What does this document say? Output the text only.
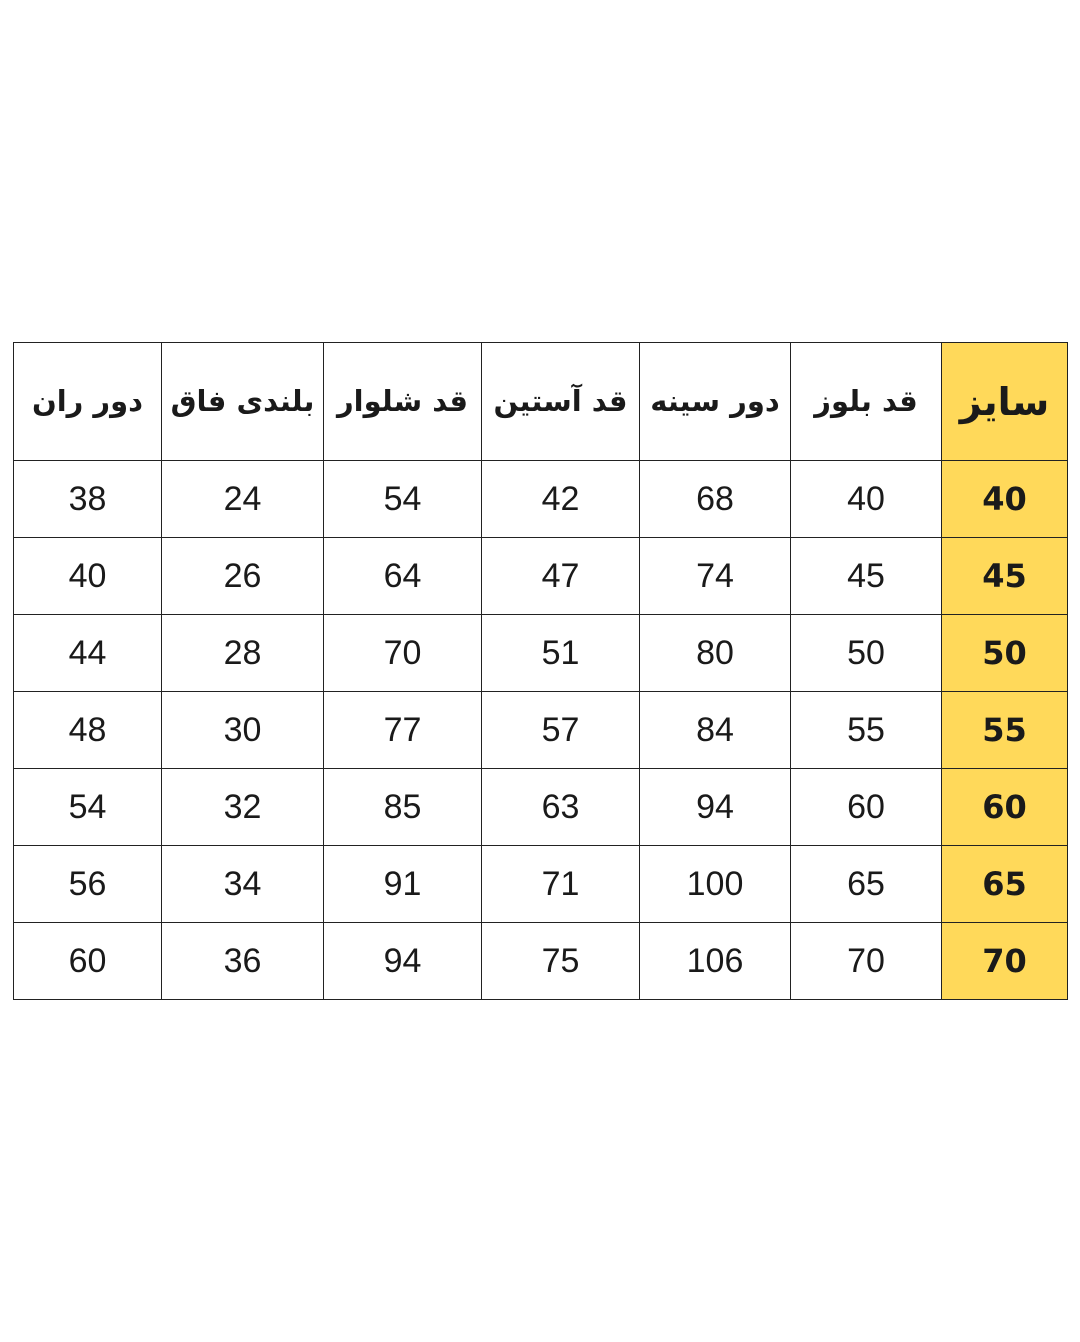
سایز	قد بلوز	دور سینه	قد آستین	قد شلوار	بلندی فاق	دور ران
40	40	68	42	54	24	38
45	45	74	47	64	26	40
50	50	80	51	70	28	44
55	55	84	57	77	30	48
60	60	94	63	85	32	54
65	65	100	71	91	34	56
70	70	106	75	94	36	60
